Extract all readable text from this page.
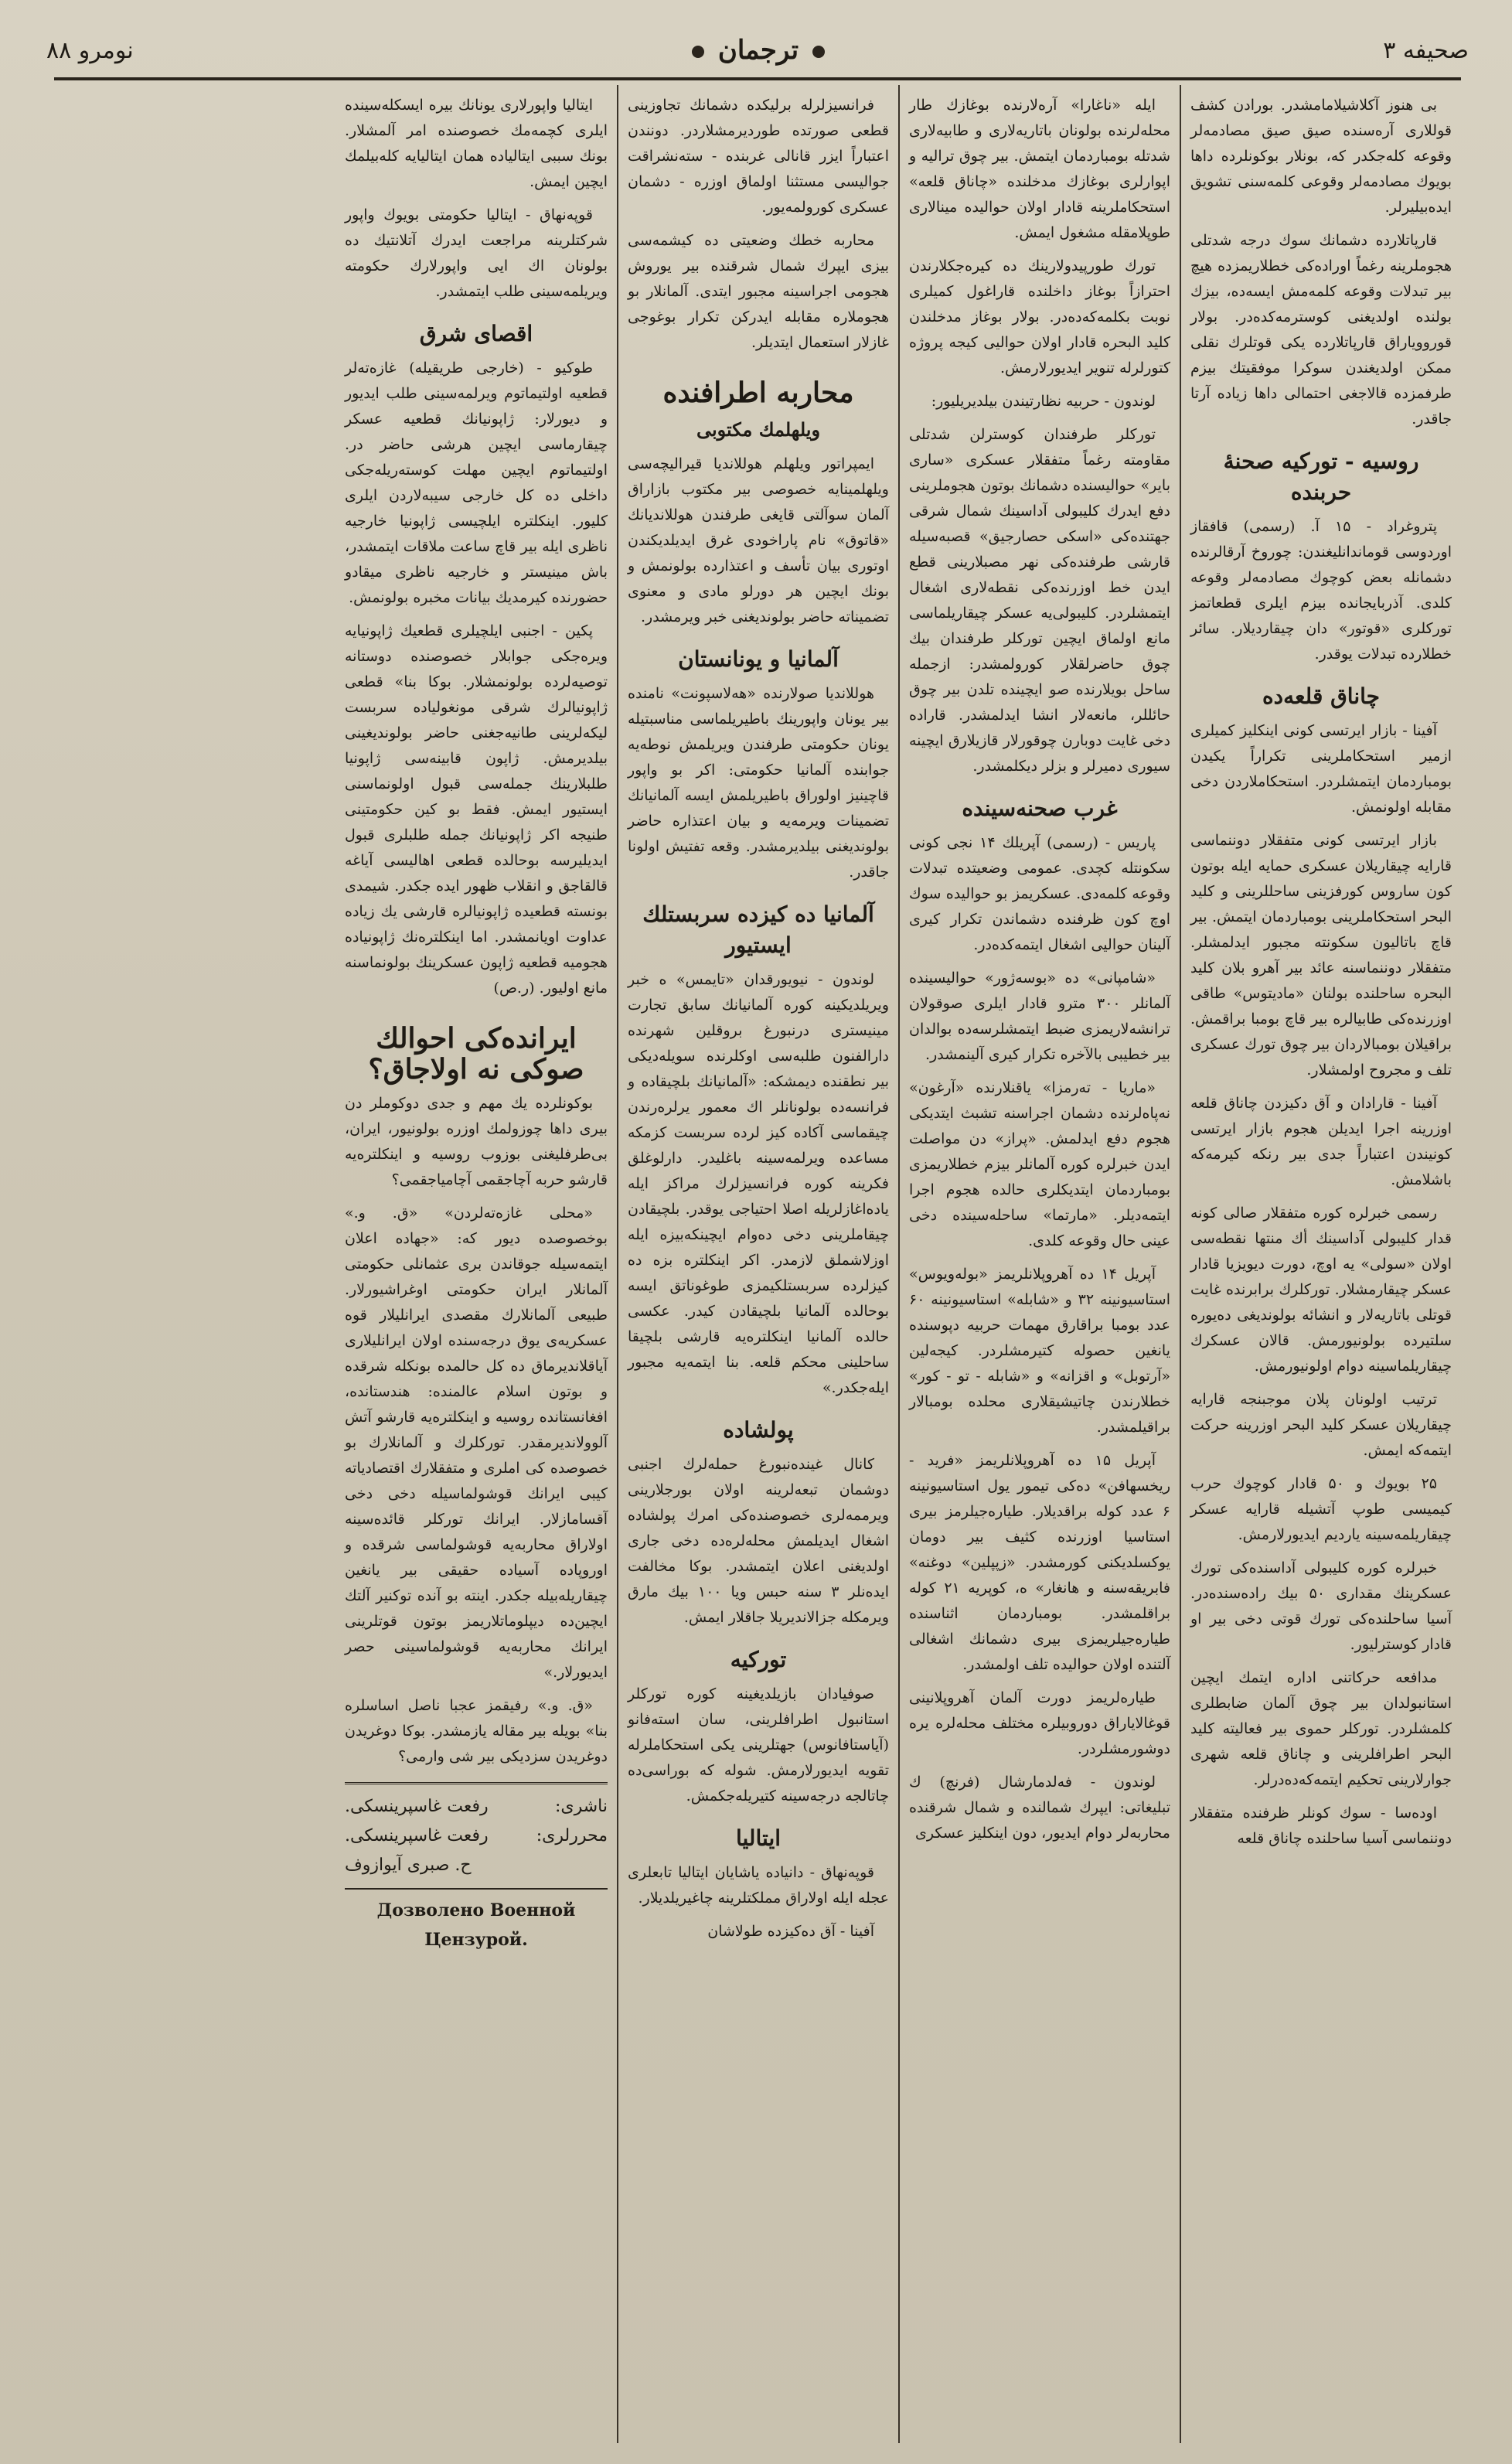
صحیفه ۳
ترجمان
نومرو ۸۸
بی هنوز آکلاشیلامامشدر. بورادن کشف قوللاری آره‌سنده صیق صیق مصادمه‌لر وقوعه کله‌جکدر که، بونلار بوکونلرده داها بویوك مصادمه‌لر وقوعی کلمه‌سنی تشویق ایده‌بیلیرلر.
قارپاتلارده دشمانك سوك درجه شدتلی هجوملرینه رغماً اوراده‌کی خطلاریمزده هیچ بیر تبدلات وقوعه کلمه‌مش ایسه‌ده، بیزك بولنده اولدیغنی کوسترمه‌کده‌در. بولار قوروویاراق قارپاتلارده یکی قوتلرك نقلی ممکن اولدیغندن سوکرا موفقیتك بیزم طرفمزده قالاجغی احتمالی داها زیاده آرتا جاقدر.
روسیه - تورکیه صحنهٔ حربنده
پتروغراد - ۱۵ آ. (رسمی) قافقاز اوردوسی قوماندانلیغندن: چوروخ آرقالرنده دشمانله بعض کوچوك مصادمه‌لر وقوعه کلدی. آذربایجانده بیزم ایلری قطعاتمز تورکلری «قوتور» دان چیقاردیلار. سائر خطلارده تبدلات یوقدر.
چاناق قلعه‌ده
آفینا - بازار ایرتسی کونی اینکلیز کمیلری ازمیر استحکاملرینی تکراراً یکیدن بومباردمان ایتمشلردر. استحکاملاردن دخی مقابله اولونمش.
بازار ایرتسی کونی متفقلار دوننماسی قارایه چیقاریلان عسکری حمایه ایله بوتون کون ساروس کورفزینی ساحللرینی و کلید البحر استحکاملرینی بومباردمان ایتمش. بیر قاچ باتالیون سکونته مجبور ایدلمشلر. متفقلار دوننماسنه عائد بیر آهرو بلان کلید البحره ساحلنده بولنان «مادیتوس» طاقی اوزرنده‌کی طابیالره بیر قاچ بومبا براقمش. براقیلان بومبالاردان بیر چوق تورك عسکری تلف و مجروح اولمشلار.
آفینا - قارادان و آق دکیزدن چاناق قلعه اوزرینه اجرا ایدیلن هجوم بازار ایرتسی کونیندن اعتباراً جدی بیر رنکه کیرمه‌که باشلامش.
رسمی خبرلره کوره متفقلار صالی کونه قدار کلیبولی آداسینك أك منتها نقطه‌سی اولان «سولی» یه اوچ، دورت دیویزیا قادار عسکر چیقارمشلار. تورکلرك برابرنده غایت قوتلی باتاریه‌لار و انشائه بولوندیغی ده‌یوره سلتیرده بولونیورمش. قالان عسکرك چیقاریلماسینه دوام اولونیورمش.
ترتیب اولونان پلان موجبنجه قارایه چیقاریلان عسکر کلید البحر اوزرینه حرکت ایتمه‌که ایمش.
۲۵ بویوك و ۵۰ قادار کوچوك حرب کیمیسی طوپ آتشیله قارایه عسکر چیقاریلمه‌سینه یاردیم ایدیورلارمش.
خبرلره کوره کلیبولی آداسنده‌کی تورك عسکرینك مقداری ۵۰ بیك راده‌سنده‌در. آسیا ساحلنده‌کی تورك قوتی دخی بیر او قادار کوسترلیور.
مدافعه حرکاتنی اداره ایتمك ایچین استانبولدان بیر چوق آلمان ضابطلری کلمشلردر. تورکلر حموی بیر فعالیته کلید البحر اطرافلرینی و چاناق قلعه شهری جوارلارینی تحکیم ایتمه‌که‌ده‌درلر.
اوده‌سا - سوك کونلر ظرفنده متفقلار دوننماسی آسیا ساحلنده چاناق قلعه
ایله «ناغارا» آره‌لارنده بوغازك طار محله‌لرنده بولونان باتاریه‌لاری و طابیه‌لاری شدتله بومباردمان ایتمش. بیر چوق ترالیه و اپوارلری بوغازك مدخلنده «چاناق قلعه» استحکاملرینه قادار اولان حوالیده مینالاری طوپلامقله مشغول ایمش.
تورك طورپیدولارینك ده کیره‌جکلارندن احترازاً بوغاز داخلنده قاراغول کمیلری نوبت بکلمه‌که‌ده‌در. بولار بوغاز مدخلندن کلید البحره قادار اولان حوالیی کیجه پروژه کتورلرله تنویر ایدیورلارمش.
لوندون - حربیه نظارتیندن بیلدیریلیور:
تورکلر طرفندان کوسترلن شدتلی مقاومته رغماً متفقلار عسکری «ساری بایر» حوالیسنده دشمانك بوتون هجوملرینی دفع ایدرك کلیبولی آداسینك شمال شرقی جهتنده‌کی «اسکی حصارجیق» قصبه‌سیله قارشی طرفنده‌کی نهر مصبلارینی قطع ایدن خط اوزرنده‌کی نقطه‌لاری اشغال ایتمشلردر. کلیبولی‌یه عسکر چیقاریلماسی مانع اولماق ایچین تورکلر طرفندان بیك چوق حاضرلقلار کورولمشدر: ازجمله ساحل بویلارنده صو ایچینده تلدن بیر چوق حائللر، مانعه‌لار انشا ایدلمشدر. قاراده دخی غایت دوبارن چوقورلار قازیلارق ایچینه سیوری دمیرلر و بزلر دیکلمشدر.
غرب صحنه‌سینده
پاریس - (رسمی) آپریلك ۱۴ نجی کونی سکونتله کچدی. عمومی وضعیتده تبدلات وقوعه کلمه‌دی. عسکریمز بو حوالیده سوك اوچ کون ظرفنده دشماندن تکرار کیری آلینان حوالیی اشغال ایتمه‌کده‌در.
«شامپانی» ده «بوسه‌ژور» حوالیسینده آلمانلر ۳۰۰ مترو قادار ایلری صوقولان ترانشه‌لاریمزی ضبط ایتمشلرسه‌ده بوالدان بیر خطیبی بالآخره تکرار کیری آلینمشدر.
«ماریا - ته‌رمزا» یاقنلارنده «آرغون» نه‌پاه‌لرنده دشمان اجراسنه تشبث ایتدیکی هجوم دفع ایدلمش. «پراز» دن مواصلت ایدن خبرلره کوره آلمانلر بیزم خطلاریمزی بومباردمان ایتدیکلری حالده هجوم اجرا ایتمه‌دیلر. «مارتما» ساحله‌سینده دخی عینی حال وقوعه کلدی.
آپریل ۱۴ ده آهروپلانلریمز «بوله‌ویوس» استاسیونینه ۳۲ و «شابله» استاسیونینه ۶۰ عدد بومبا براقارق مهمات حربیه دپوسنده یانغین حصوله کتیرمشلردر. کیجه‌لین «آرتوبل» و اقزانه» و «شابله - تو - کور» خطلارندن چاتیشیقلاری محلده بومبالار براقیلمشدر.
آپریل ۱۵ ده آهروپلانلریمز «فرید - ریخسهافن» ده‌کی تیمور یول استاسیونینه ۶ عدد کوله براقدیلار. طیاره‌جیلرمز بیری استاسیا اوزرنده کثیف بیر دومان یوکسلدیکنی کورمشدر. «زپپلین» دوغنه» فابریقه‌سنه و هانغار» ه، کوپریه ۲۱ کوله براقلمشدر. بومباردمان اثناسنده طیاره‌جیلریمزی بیری دشمانك اشغالی آلتنده اولان حوالیده تلف اولمشدر.
طیاره‌لریمز دورت آلمان آهروپلانینی قوغالایاراق دوروبیلره مختلف محله‌لره یره دوشورمشلردر.
لوندون - فه‌لدمارشال (فرنچ) ك تبلیغاتی: ایپرك شمالنده و شمال شرقنده محاربه‌لر دوام ایدیور، دون اینکلیز عسکری
فرانسیزلرله برلیکده دشمانك تجاوزینی قطعی صورتده طوردیرمشلاردر. دونندن اعتباراً ایزر قانالی غربنده - سته‌نشراقت جوالیسی مستثنا اولماق اوزره - دشمان عسکری کورولمه‌یور.
محاربه خطك وضعیتی ده کیشمه‌سی بیزی ایپرك شمال شرقنده بیر یوروش هجومی اجراسینه مجبور ایتدی. آلمانلار بو هجوملاره مقابله ایدرکن تکرار بوغوجی غازلار استعمال ایتدیلر.
محاربه اطرافنده
ویلهلمك مکتوبی
ایمپراتور ویلهلم هوللاندیا قیرالیچه‌سی ویلهلمینایه خصوصی بیر مکتوب بازاراق آلمان سوآلتی قایغی طرفندن هوللاندیانك «قاتوق» نام پاراخودی غرق ایدیلدیکندن اوتوری بیان تأسف و اعتذارده بولونمش و بونك ایچین هر دورلو مادی و معنوی تضمیناته حاضر بولوندیغنی خبر ویرمشدر.
آلمانیا و یونانستان
هوللاندیا صولارنده «هه‌لاسپونت» نامنده بیر یونان واپورینك باطیریلماسی مناسبتیله یونان حکومتی طرفندن ویریلمش نوطه‌یه جوابنده آلمانیا حکومتی: اکر بو واپور قاچینیز اولوراق باطیریلمش ایسه آلمانیانك تضمینات ویرمه‌یه و بیان اعتذاره حاضر بولوندیغنی بیلدیرمشدر. وقعه تفتیش اولونا جاقدر.
آلمانیا ده کیزده سربستلك ایستیور
لوندون - نیویورقدان «تایمس» ه خبر ویریلدیکینه کوره آلمانیانك سابق تجارت مینیستری درنبورغ بروقلین شهرنده دارالفنون طلبه‌سی اوکلرنده سویله‌دیکی بیر نطقنده دیمشکه: «آلمانیانك بلچیقاده و فرانسه‌ده بولونانلر اك معمور یرلره‌رندن چیقماسی آکاده کیز لرده سربست کزمکه مساعده ویرلمه‌سینه باغلیدر. دارلوغلق فکرینه کوره فرانسیزلرك مراکز ایله یاده‌اغازلریله اصلا احتیاجی یوقدر. بلچیقادن چیقاملرینی دخی ده‌وام ایچینکه‌بیزه ایله اوزلاشملق لازمدر. اکر اینکلتره بزه ده کیزلرده سربستلکیمزی طوغوناتق ایسه بوحالده آلمانیا بلچیقادن کیدر. عکسی حالده آلمانیا اینکلتره‌یه قارشی بلچیقا ساحلینی محکم قلعه. بنا ایتمه‌یه مجبور ایله‌جکدر.»
پولشاده
کانال غینده‌نبورغ حملەلرك اجنبی دوشمان تبعه‌لرینه اولان بورجلارینی ویرممه‌لری خصوصنده‌کی امرك پولشاده اشغال ایدیلمش محله‌لره‌ده دخی جاری اولدیغنی اعلان ایتمشدر. بوکا مخالفت ایده‌نلر ۳ سنه حبس ویا ۱۰۰ بیك مارق ویرمکله جزالاندیریلا جاقلار ایمش.
تورکیه
صوفیادان بازیلدیغینه کوره تورکلر استانبول اطرافلرینی، سان استه‌فانو (آیاستافانوس) جهتلرینی یکی استحکاملرله تقویه ایدیورلارمش. شوله که بوراسی‌ده چاتالجه درجه‌سینه کتیریله‌جکمش.
ایتالیا
قوپه‌نهاق - دانیاده یاشایان ایتالیا تابعلری عجله ایله اولاراق مملکتلرینه چاغیریلدیلار.
آفینا - آق ده‌کیزده طولاشان
ایتالیا واپورلاری یونانك بیره ایسکله‌سینده ایلری کچمه‌مك خصوصنده امر آلمشلار. بونك سببی ایتالیاده همان ایتالیایه کله‌بیلمك ایچین ایمش.
قوپه‌نهاق - ایتالیا حکومتی بویوك واپور شرکتلرینه مراجعت ایدرك آتلانتیك ده بولونان اك ایی واپورلارك حکومته ویریلمه‌سینی طلب ایتمشدر.
اقصای شرق
طوکیو - (خارجی طریقیله) غازه‌ته‌لر قطعیه اولتیماتوم ویرلمه‌سینی طلب ایدیور و دیورلار: ژاپونیانك قطعیه عسکر چیقارماسی ایچین هرشی حاضر در. اولتیماتوم ایچین مهلت کوسته‌ریله‌جکی داخلی ده کل خارجی سیبه‌لاردن ایلری کلیور. اینکلتره ایلچیسی ژاپونیا خارجیه ناظری ایله بیر قاچ ساعت ملاقات ایتمشدر، باش مینیستر و خارجیه ناظری میقادو حضورنده کیرمدیك بیانات مخبره بولونمش.
پکین - اجنبی ایلچیلری قطعیك ژاپونیایه ویره‌جکی جوابلار خصوصنده دوستانه توصیه‌لرده بولونمشلار. بوکا بنا» قطعی ژاپونیالرك شرقی مونغولیاده سربست لیکه‌لرینی طانیه‌جغنی حاضر بولوندیغینی بیلدیرمش. ژاپون قابینه‌سی ژاپونیا طلبلارینك جمله‌سی قبول اولونماسنی ایستیور ایمش. فقط بو کین حکومتینی طنیجه اکر ژاپونیانك جمله طلبلری قبول ایدیلیرسه بوحالده قطعی اهالیسی آیاغه قالقاجق و انقلاب ظهور ایده جکدر. شیمدی بونسته قطعیده ژاپونیالره قارشی یك زیاده عداوت اویانمشدر. اما اینکلتره‌نك ژاپونیاده هجومیه قطعیه ژاپون عسکرینك بولونماسنه مانع اولیور. (ر.ص)
ایرانده‌کی احوالك صوکی نه اولاجاق؟
بوکونلرده یك مهم و جدی دوکوملر دن بیری داها چوزولمك اوزره بولونیور، ایران، بی‌طرفلیغنی بوزوب روسیه و اینکلتره‌یه قارشو حربه آچاجقمی آچامیاجقمی؟
«محلی غازه‌ته‌لردن» «ق. و.» بوخصوصده دیور که: «جهاده اعلان ایتمه‌سیله جوقاندن بری عثمانلی حکومتی آلمانلار ایران حکومتی اوغراشیورلار. طبیعی آلمانلارك مقصدی ایرانلیلار قوه عسکریه‌ی یوق درجه‌سنده اولان ایرانلیلاری آیاقلاندیرماق ده کل حالمده بونکله شرقده و بوتون اسلام عالمنده: هندستانده، افغانستانده روسیه و اینکلتره‌یه قارشو آتش آلوولاندیرمقدر. تورکلرك و آلمانلارك بو خصوصده کی املری و متفقلارك اقتصادیاته کیبی ایرانك قوشولماسیله دخی دخی آقسامازلار. ایرانك تورکلر قائده‌سینه اولاراق محاربه‌یه قوشولماسی شرقده و اوروپاده آسیاده حقیقی بیر یانغین چیقاریله‌بیله جکدر. اینته بو آنده توکنیر آلتك ایچین‌ده دیپلوماتلاریمز بوتون قوتلرینی ایرانك محاربه‌یه قوشولماسینی حصر ایدیورلار.»
«ق. و.» رفیقمز عجبا ناصل اساسلره بنا» بویله بیر مقاله یازمشدر. بوکا دوغریدن دوغریدن سزدیکی بیر شی وارمی؟
ناشری:
رفعت غاسپرینسکی.
محررلری:
رفعت غاسپرینسکی.
ح. صبری آیوازوف
Дозволено Военной Цензурой.
